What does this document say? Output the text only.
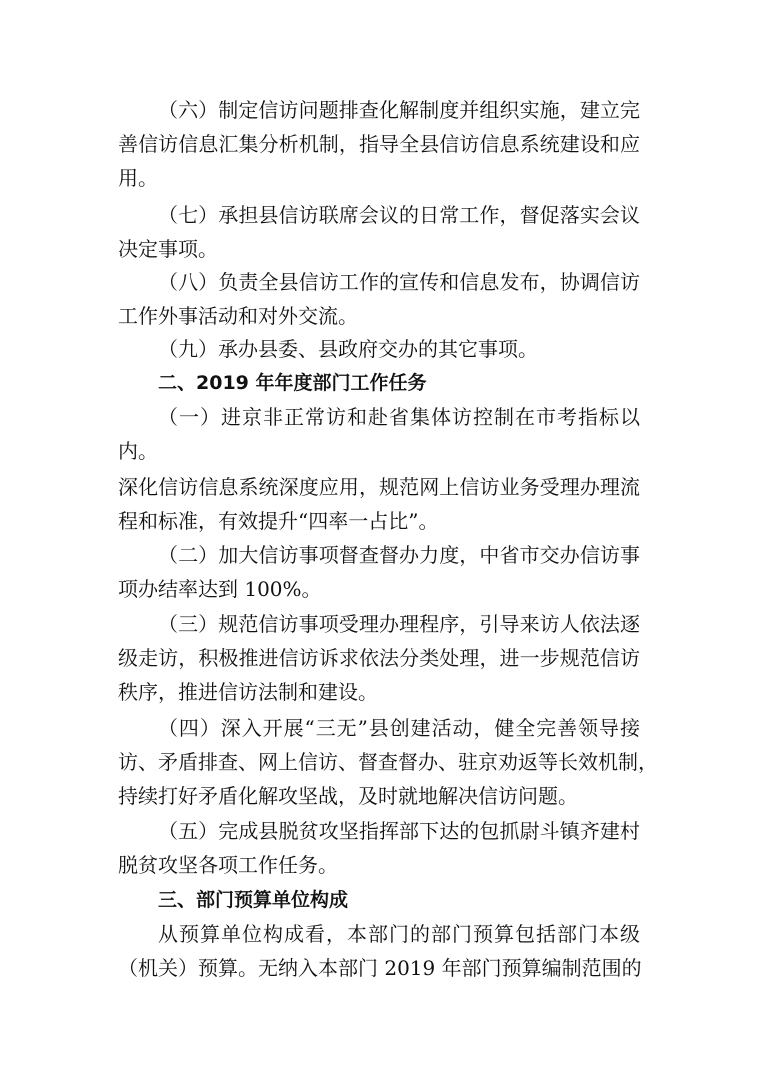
（六）制定信访问题排查化解制度并组织实施，建立完
善信访信息汇集分析机制，指导全县信访信息系统建设和应
用。
（七）承担县信访联席会议的日常工作，督促落实会议
决定事项。
（八）负责全县信访工作的宣传和信息发布，协调信访
工作外事活动和对外交流。
（九）承办县委、县政府交办的其它事项。
二、2019 年年度部门工作任务
（一）进京非正常访和赴省集体访控制在市考指标以
内。
深化信访信息系统深度应用，规范网上信访业务受理办理流
程和标准，有效提升“四率一占比”。
（二）加大信访事项督查督办力度，中省市交办信访事
项办结率达到 100%。
（三）规范信访事项受理办理程序，引导来访人依法逐
级走访，积极推进信访诉求依法分类处理，进一步规范信访
秩序，推进信访法制和建设。
（四）深入开展“三无”县创建活动，健全完善领导接
访、矛盾排查、网上信访、督查督办、驻京劝返等长效机制，
持续打好矛盾化解攻坚战，及时就地解决信访问题。
（五）完成县脱贫攻坚指挥部下达的包抓尉斗镇齐建村
脱贫攻坚各项工作任务。
三、部门预算单位构成
从预算单位构成看，本部门的部门预算包括部门本级
（机关）预算。无纳入本部门 2019 年部门预算编制范围的
